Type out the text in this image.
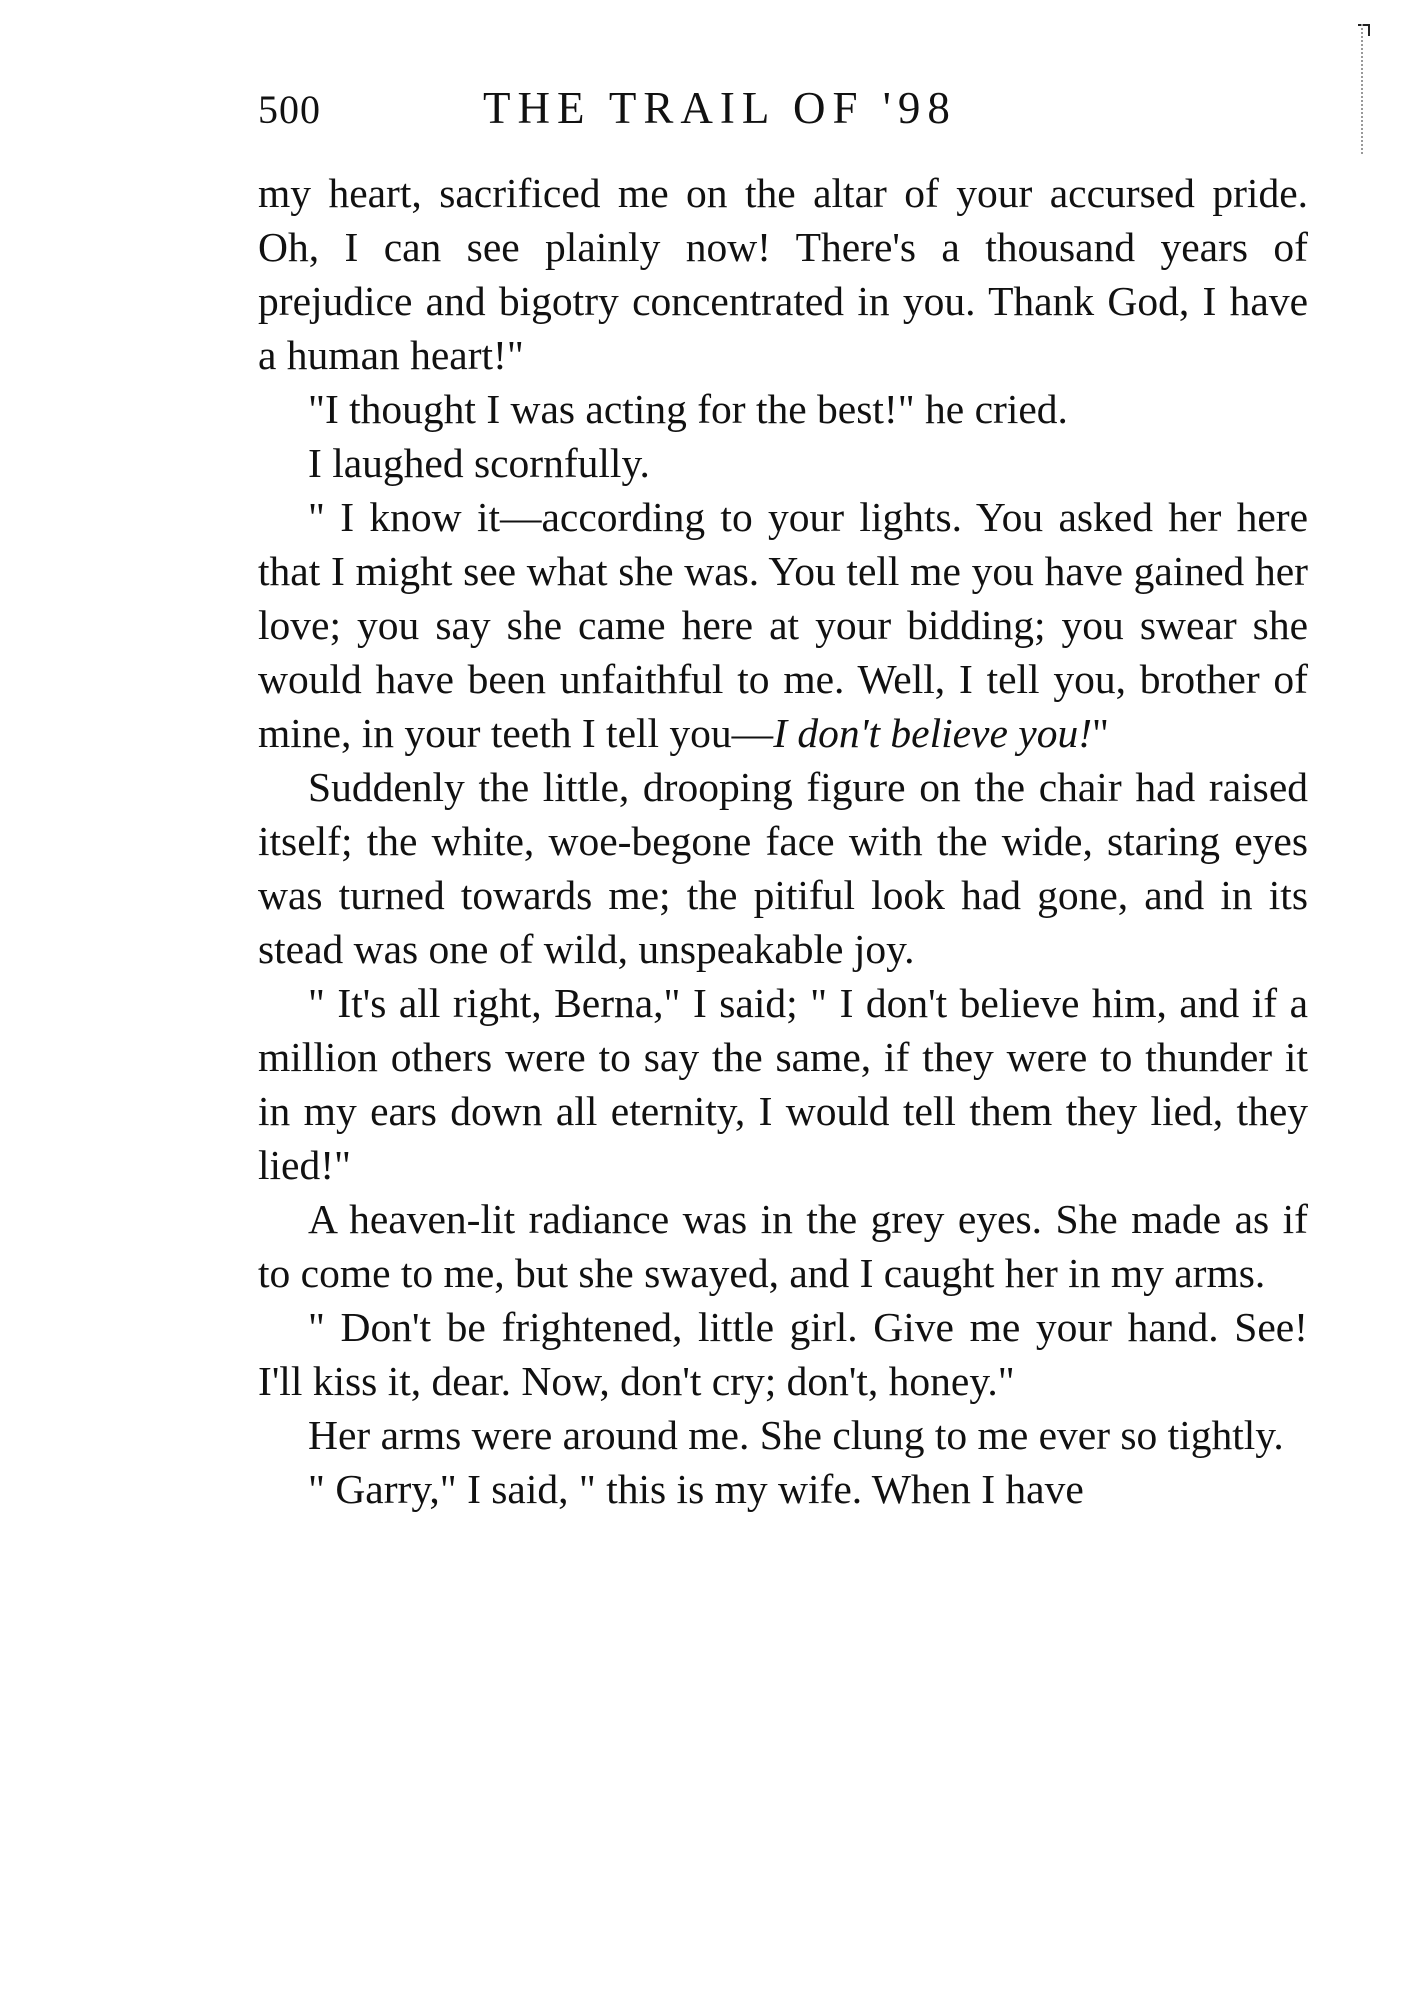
500	THE TRAIL OF '98

my heart, sacrificed me on the altar of your accursed pride. Oh, I can see plainly now! There's a thousand years of prejudice and bigotry concentrated in you. Thank God, I have a human heart!"

"I thought I was acting for the best!" he cried.

I laughed scornfully.

" I know it—according to your lights. You asked her here that I might see what she was. You tell me you have gained her love; you say she came here at your bidding; you swear she would have been unfaithful to me. Well, I tell you, brother of mine, in your teeth I tell you—I don't believe you!"

Suddenly the little, drooping figure on the chair had raised itself; the white, woe-begone face with the wide, staring eyes was turned towards me; the pitiful look had gone, and in its stead was one of wild, unspeakable joy.

" It's all right, Berna," I said; " I don't believe him, and if a million others were to say the same, if they were to thunder it in my ears down all eternity, I would tell them they lied, they lied!"

A heaven-lit radiance was in the grey eyes. She made as if to come to me, but she swayed, and I caught her in my arms.

" Don't be frightened, little girl. Give me your hand. See! I'll kiss it, dear. Now, don't cry; don't, honey."

Her arms were around me. She clung to me ever so tightly.

" Garry," I said, " this is my wife. When I have
